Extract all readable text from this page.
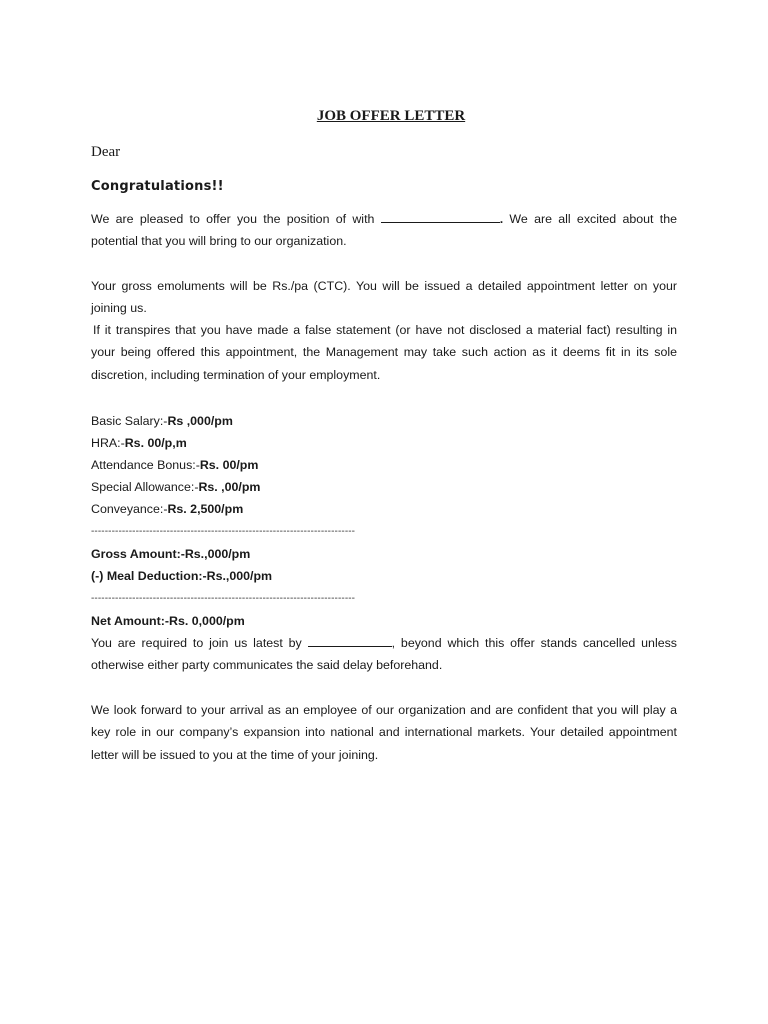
JOB OFFER LETTER
Dear
Congratulations!!
We are pleased to offer you the position of with	. We are all excited about the potential that you will bring to our organization.
Your gross emoluments will be Rs./pa (CTC). You will be issued a detailed appointment letter on your joining us.
If it transpires that you have made a false statement (or have not disclosed a material fact) resulting in your being offered this appointment, the Management may take such action as it deems fit in its sole discretion, including termination of your employment.
Basic Salary:-Rs ,000/pm
HRA:-Rs. 00/p,m
Attendance Bonus:-Rs. 00/pm
Special Allowance:-Rs. ,00/pm
Conveyance:-Rs. 2,500/pm
-----------------------------------------------------------------------------
Gross Amount:-Rs.,000/pm
(-) Meal Deduction:-Rs.,000/pm
-----------------------------------------------------------------------------
Net Amount:-Rs. 0,000/pm
You are required to join us latest by	, beyond which this offer stands cancelled unless otherwise either party communicates the said delay beforehand.
We look forward to your arrival as an employee of our organization and are confident that you will play a key role in our company’s expansion into national and international markets. Your detailed appointment letter will be issued to you at the time of your joining.
